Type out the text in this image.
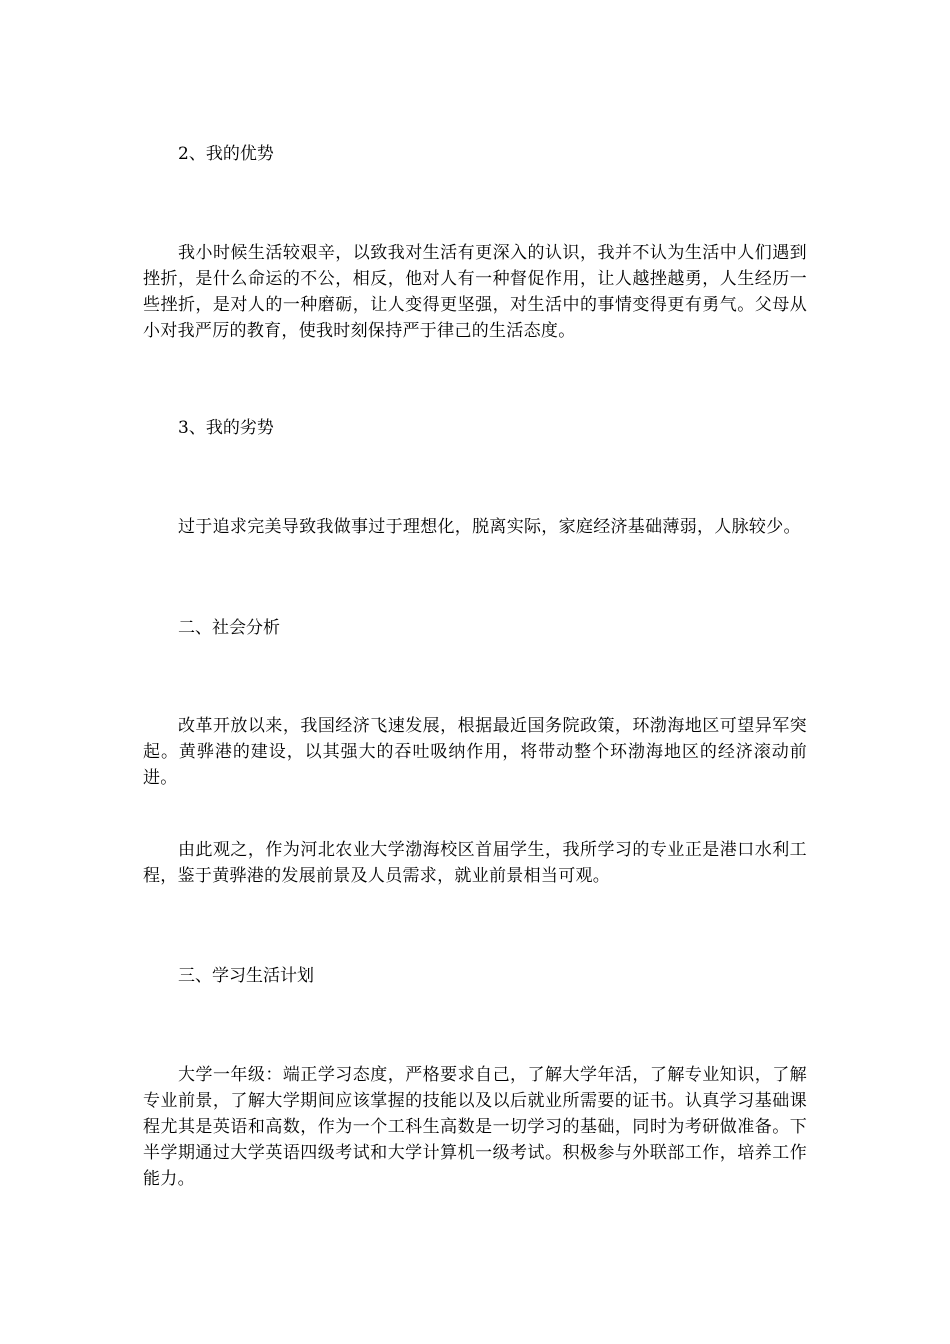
2、我的优势
我小时候生活较艰辛，以致我对生活有更深入的认识，我并不认为生活中人们遇到挫折，是什么命运的不公，相反，他对人有一种督促作用，让人越挫越勇，人生经历一些挫折，是对人的一种磨砺，让人变得更坚强，对生活中的事情变得更有勇气。父母从小对我严厉的教育，使我时刻保持严于律己的生活态度。
3、我的劣势
过于追求完美导致我做事过于理想化，脱离实际，家庭经济基础薄弱，人脉较少。
二、社会分析
改革开放以来，我国经济飞速发展，根据最近国务院政策，环渤海地区可望异军突起。黄骅港的建设，以其强大的吞吐吸纳作用，将带动整个环渤海地区的经济滚动前进。
由此观之，作为河北农业大学渤海校区首届学生，我所学习的专业正是港口水利工程，鉴于黄骅港的发展前景及人员需求，就业前景相当可观。
三、学习生活计划
大学一年级：端正学习态度，严格要求自己，了解大学年活，了解专业知识，了解专业前景，了解大学期间应该掌握的技能以及以后就业所需要的证书。认真学习基础课程尤其是英语和高数，作为一个工科生高数是一切学习的基础，同时为考研做准备。下半学期通过大学英语四级考试和大学计算机一级考试。积极参与外联部工作，培养工作能力。
